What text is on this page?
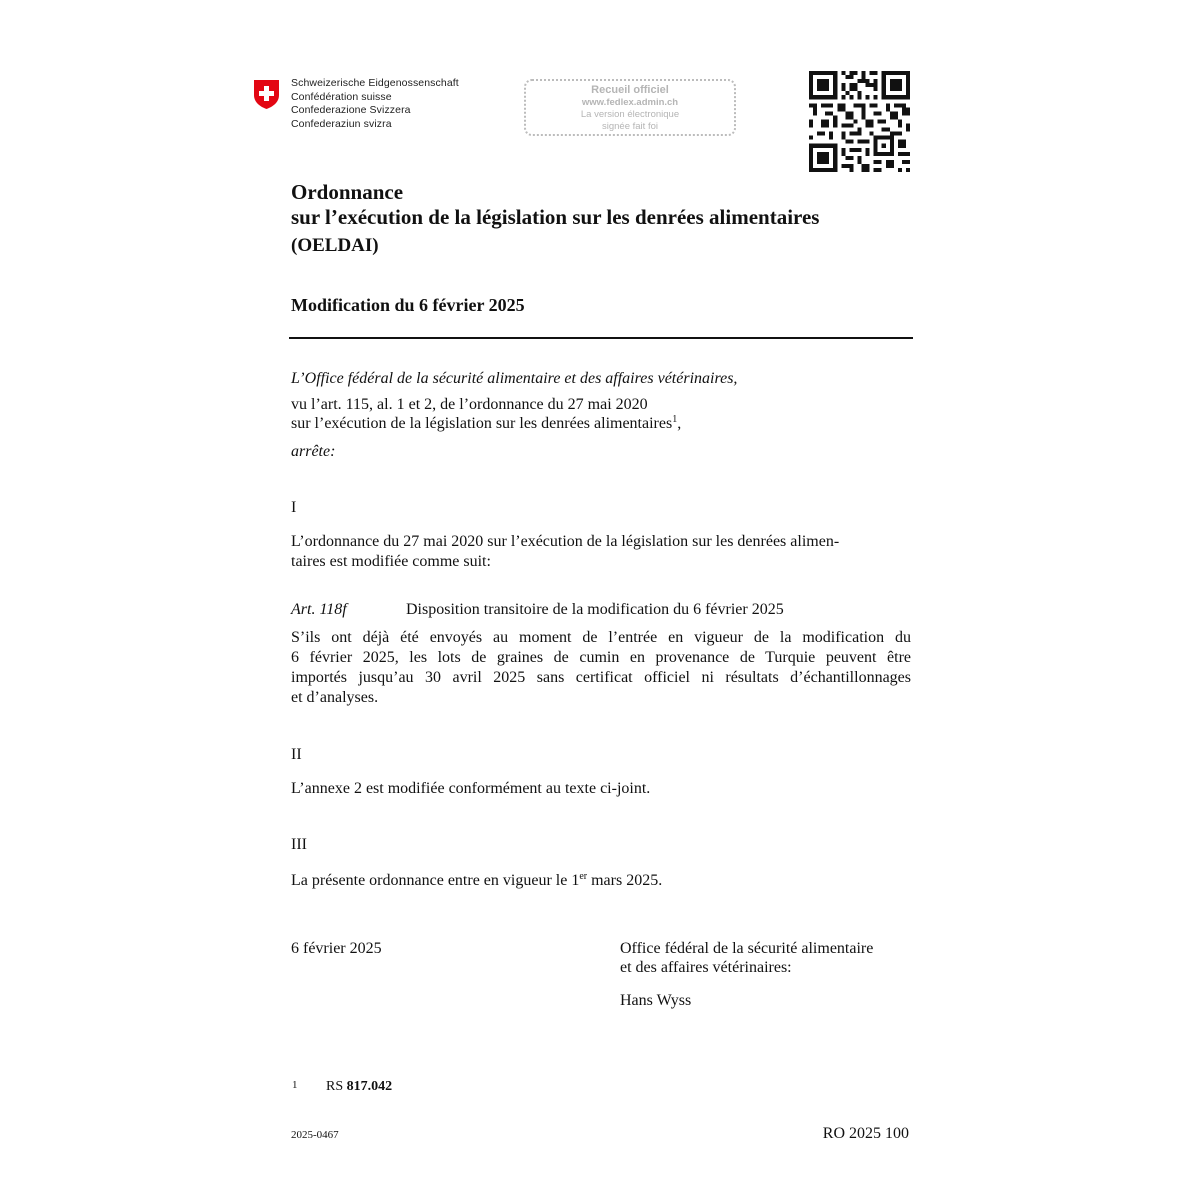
Schweizerische Eidgenossenschaft
Confédération suisse
Confederazione Svizzera
Confederaziun svizra
Recueil officiel
www.fedlex.admin.ch
La version électronique
signée fait foi
Ordonnance
sur l’exécution de la législation sur les denrées alimentaires
(OELDAI)
Modification du 6 février 2025
L’Office fédéral de la sécurité alimentaire et des affaires vétérinaires,
vu l’art. 115, al. 1 et 2, de l’ordonnance du 27 mai 2020
sur l’exécution de la législation sur les denrées alimentaires$^1$,
arrête:
I
L’ordonnance du 27 mai 2020 sur l’exécution de la législation sur les denrées alimen-
taires est modifiée comme suit:
Art. 118f	Disposition transitoire de la modification du 6 février 2025
S’ils ont déjà été envoyés au moment de l’entrée en vigueur de la modification du
6 février 2025, les lots de graines de cumin en provenance de Turquie peuvent être
importés jusqu’au 30 avril 2025 sans certificat officiel ni résultats d’échantillonnages
et d’analyses.
II
L’annexe 2 est modifiée conformément au texte ci-joint.
III
La présente ordonnance entre en vigueur le 1er mars 2025.
6 février 2025	Office fédéral de la sécurité alimentaire
et des affaires vétérinaires:
Hans Wyss
1 RS 817.042
2025-0467	RO 2025 100
